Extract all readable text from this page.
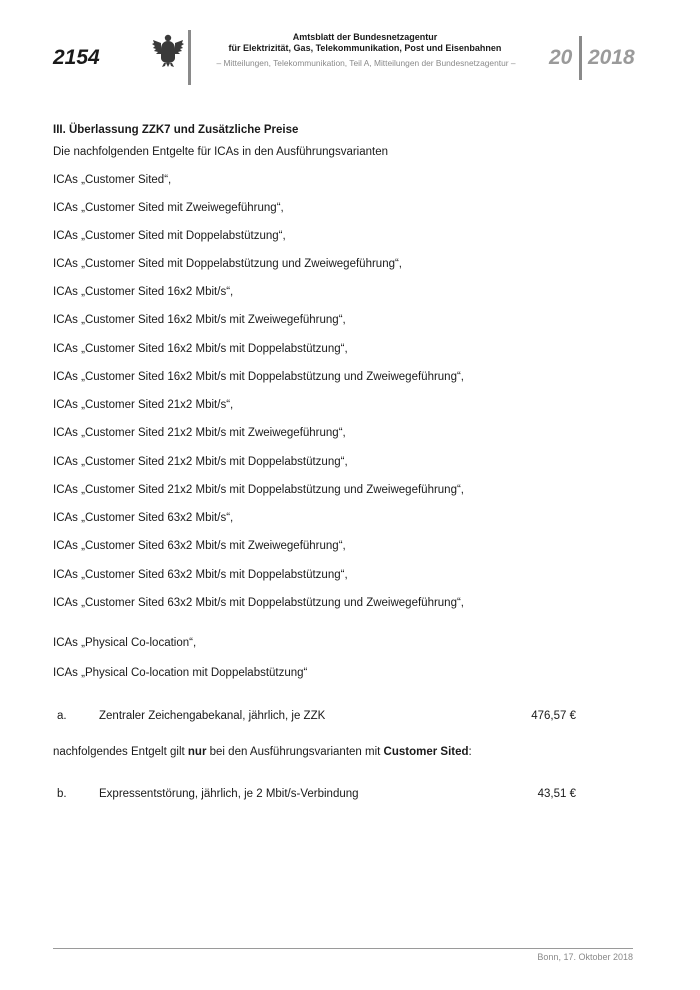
2154
Amtsblatt der Bundesnetzagentur
für Elektrizität, Gas, Telekommunikation, Post und Eisenbahnen
– Mitteilungen, Telekommunikation, Teil A, Mitteilungen der Bundesnetzagentur –	20 2018
III. Überlassung ZZK7 und Zusätzliche Preise
Die nachfolgenden Entgelte für ICAs in den Ausführungsvarianten
ICAs „Customer Sited“,
ICAs „Customer Sited mit Zweiwegeführung“,
ICAs „Customer Sited mit Doppelabstützung“,
ICAs „Customer Sited mit Doppelabstützung und Zweiwegeführung“,
ICAs „Customer Sited 16x2 Mbit/s“,
ICAs „Customer Sited 16x2 Mbit/s mit Zweiwegeführung“,
ICAs „Customer Sited 16x2 Mbit/s mit Doppelabstützung“,
ICAs „Customer Sited 16x2 Mbit/s mit Doppelabstützung und Zweiwegeführung“,
ICAs „Customer Sited 21x2 Mbit/s“,
ICAs „Customer Sited 21x2 Mbit/s mit Zweiwegeführung“,
ICAs „Customer Sited 21x2 Mbit/s mit Doppelabstützung“,
ICAs „Customer Sited 21x2 Mbit/s mit Doppelabstützung und Zweiwegeführung“,
ICAs „Customer Sited 63x2 Mbit/s“,
ICAs „Customer Sited 63x2 Mbit/s mit Zweiwegeführung“,
ICAs „Customer Sited 63x2 Mbit/s mit Doppelabstützung“,
ICAs „Customer Sited 63x2 Mbit/s mit Doppelabstützung und Zweiwegeführung“,
ICAs „Physical Co-location“,
ICAs „Physical Co-location mit Doppelabstützung“
a.	Zentraler Zeichengabekanal, jährlich, je ZZK	476,57 €
nachfolgendes Entgelt gilt nur bei den Ausführungsvarianten mit Customer Sited:
b.	Expressentstörung, jährlich, je 2 Mbit/s-Verbindung	43,51 €
Bonn, 17. Oktober 2018
